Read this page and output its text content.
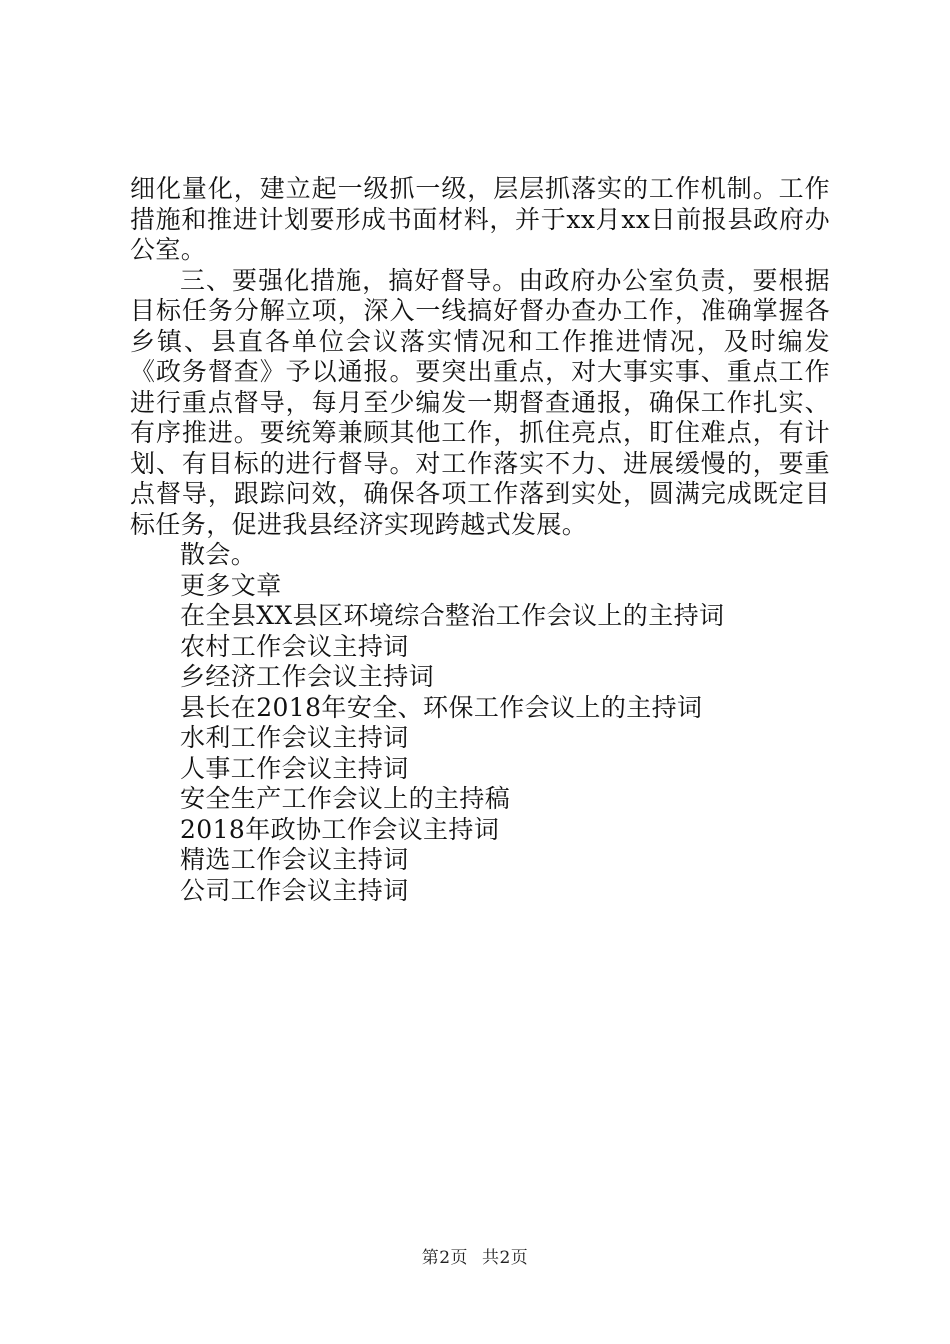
细化量化，建立起一级抓一级，层层抓落实的工作机制。工作措施和推进计划要形成书面材料，并于xx月xx日前报县政府办公室。

三、要强化措施，搞好督导。由政府办公室负责，要根据目标任务分解立项，深入一线搞好督办查办工作，准确掌握各乡镇、县直各单位会议落实情况和工作推进情况，及时编发《政务督查》予以通报。要突出重点，对大事实事、重点工作进行重点督导，每月至少编发一期督查通报，确保工作扎实、有序推进。要统筹兼顾其他工作，抓住亮点，盯住难点，有计划、有目标的进行督导。对工作落实不力、进展缓慢的，要重点督导，跟踪问效，确保各项工作落到实处，圆满完成既定目标任务，促进我县经济实现跨越式发展。

散会。

更多文章

在全县XX县区环境综合整治工作会议上的主持词

农村工作会议主持词

乡经济工作会议主持词

县长在2018年安全、环保工作会议上的主持词

水利工作会议主持词

人事工作会议主持词

安全生产工作会议上的主持稿

2018年政协工作会议主持词

精选工作会议主持词

公司工作会议主持词

第2页 共2页
